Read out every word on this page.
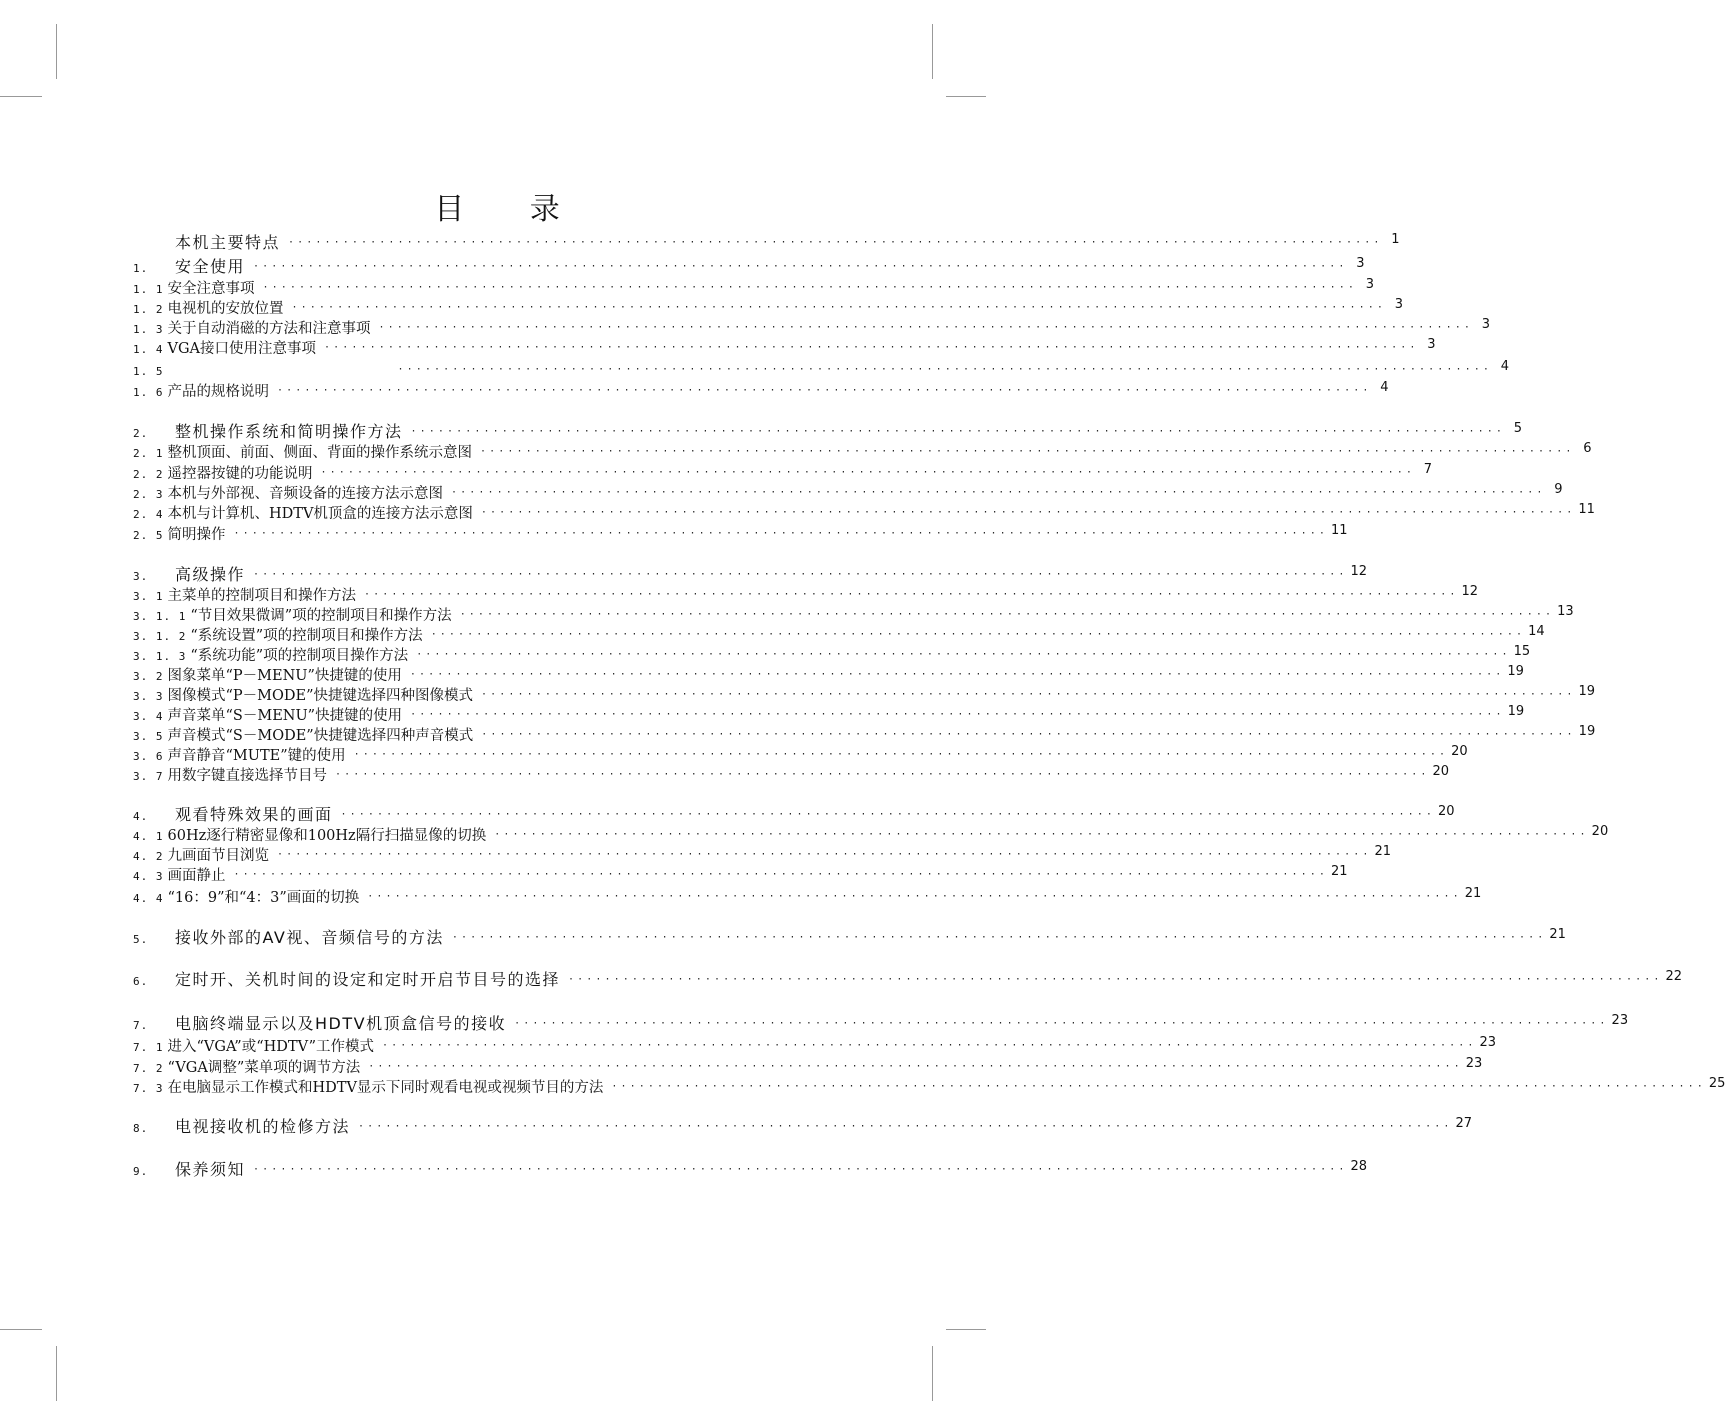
目 录
本机主要特点 ························································································································ 1
1.	安全使用 ························································································································ 3
1. 1 安全注意事项 ························································································································ 3
1. 2 电视机的安放位置 ························································································································ 3
1. 3 关于自动消磁的方法和注意事项 ························································································································ 3
1. 4 VGA接口使用注意事项 ························································································································ 3
1. 5	························································································································ 4
1. 6 产品的规格说明 ························································································································ 4
2.	整机操作系统和简明操作方法 ························································································································ 5
2. 1 整机顶面、前面、侧面、背面的操作系统示意图 ························································································································ 6
2. 2 遥控器按键的功能说明 ························································································································ 7
2. 3 本机与外部视、音频设备的连接方法示意图 ························································································································ 9
2. 4 本机与计算机、HDTV机顶盒的连接方法示意图 ························································································································ 11
2. 5 简明操作 ························································································································ 11
3.	高级操作 ························································································································ 12
3. 1 主菜单的控制项目和操作方法 ························································································································ 12
3. 1. 1 “节目效果微调”项的控制项目和操作方法 ························································································································ 13
3. 1. 2 “系统设置”项的控制项目和操作方法 ························································································································ 14
3. 1. 3 “系统功能”项的控制项目操作方法 ························································································································ 15
3. 2 图象菜单“P－MENU”快捷键的使用 ························································································································ 19
3. 3 图像模式“P－MODE”快捷键选择四种图像模式 ························································································································ 19
3. 4 声音菜单“S－MENU”快捷键的使用 ························································································································ 19
3. 5 声音模式“S－MODE”快捷键选择四种声音模式 ························································································································ 19
3. 6 声音静音“MUTE”键的使用 ························································································································ 20
3. 7 用数字键直接选择节目号 ························································································································ 20
4.	观看特殊效果的画面 ························································································································ 20
4. 1 60Hz逐行精密显像和100Hz隔行扫描显像的切换 ························································································································ 20
4. 2 九画面节目浏览 ························································································································ 21
4. 3 画面静止 ························································································································ 21
4. 4 “16：9”和“4：3”画面的切换 ························································································································ 21
5.	接收外部的AV视、音频信号的方法 ························································································································ 21
6.	定时开、关机时间的设定和定时开启节目号的选择 ························································································································ 22
7.	电脑终端显示以及HDTV机顶盒信号的接收 ························································································································ 23
7. 1 进入“VGA”或“HDTV”工作模式 ························································································································ 23
7. 2 “VGA调整”菜单项的调节方法 ························································································································ 23
7. 3 在电脑显示工作模式和HDTV显示下同时观看电视或视频节目的方法 ························································································································ 25
8.	电视接收机的检修方法 ························································································································ 27
9.	保养须知 ························································································································ 28
